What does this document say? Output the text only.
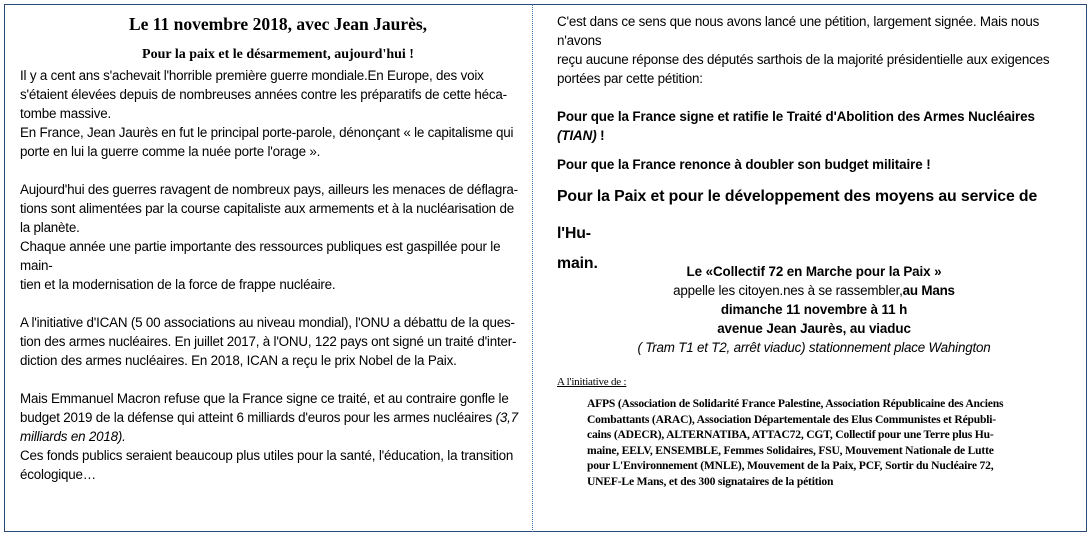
Le 11 novembre 2018, avec Jean Jaurès,
Pour la paix et le désarmement, aujourd'hui !

Il y a cent ans s'achevait l'horrible première guerre mondiale.En Europe, des voix

s'étaient élevées depuis de nombreuses années contre les préparatifs de cette héca-

tombe massive.

En France, Jean Jaurès en fut le principal porte-parole, dénonçant « le capitalisme qui

porte en lui la guerre comme la nuée porte l'orage ».

Aujourd'hui des guerres ravagent de nombreux pays, ailleurs les menaces de déflagra-

tions sont alimentées par la course capitaliste aux armements et à la nucléarisation de

la planète.

Chaque année une partie importante des ressources publiques est gaspillée pour le main-

tien et la modernisation de la force de frappe nucléaire.

A l'initiative d'ICAN (5 00 associations au niveau mondial), l'ONU a débattu de la ques-

tion des armes nucléaires. En juillet 2017, à l'ONU, 122 pays ont signé un traité d'inter-

diction des armes nucléaires. En 2018, ICAN a reçu le prix Nobel de la Paix.

Mais Emmanuel Macron refuse que la France signe ce traité, et au contraire gonfle le

budget 2019 de la défense qui atteint 6 milliards d'euros pour les armes nucléaires (3,7

milliards en 2018).

Ces fonds publics seraient beaucoup plus utiles pour la santé, l'éducation, la transition

écologique…

C'est dans ce sens que nous avons lancé une pétition, largement signée. Mais nous n'avons

reçu aucune réponse des députés sarthois de la majorité présidentielle aux exigences

portées par cette pétition:

Pour que la France signe et ratifie le Traité d'Abolition des Armes Nucléaires

(TIAN) !

Pour que la France renonce à doubler son budget militaire !

Pour la Paix et pour le développement des moyens au service de l'Hu-

main.	Le «Collectif 72 en Marche pour la Paix »

appelle les citoyen.nes à se rassembler,au Mans

dimanche 11 novembre à 11 h

avenue Jean Jaurès, au viaduc

( Tram T1 et T2, arrêt viaduc) stationnement place Wahington

A l'initiative de :

AFPS (Association de Solidarité France Palestine, Association Républicaine des Anciens

Combattants (ARAC), Association Départementale des Elus Communistes et Républi-

cains (ADECR), ALTERNATIBA, ATTAC72, CGT, Collectif pour une Terre plus Hu-

maine, EELV, ENSEMBLE, Femmes Solidaires, FSU, Mouvement Nationale de Lutte

pour L'Environnement (MNLE), Mouvement de la Paix, PCF, Sortir du Nucléaire 72,

UNEF-Le Mans, et des 300 signataires de la pétition
